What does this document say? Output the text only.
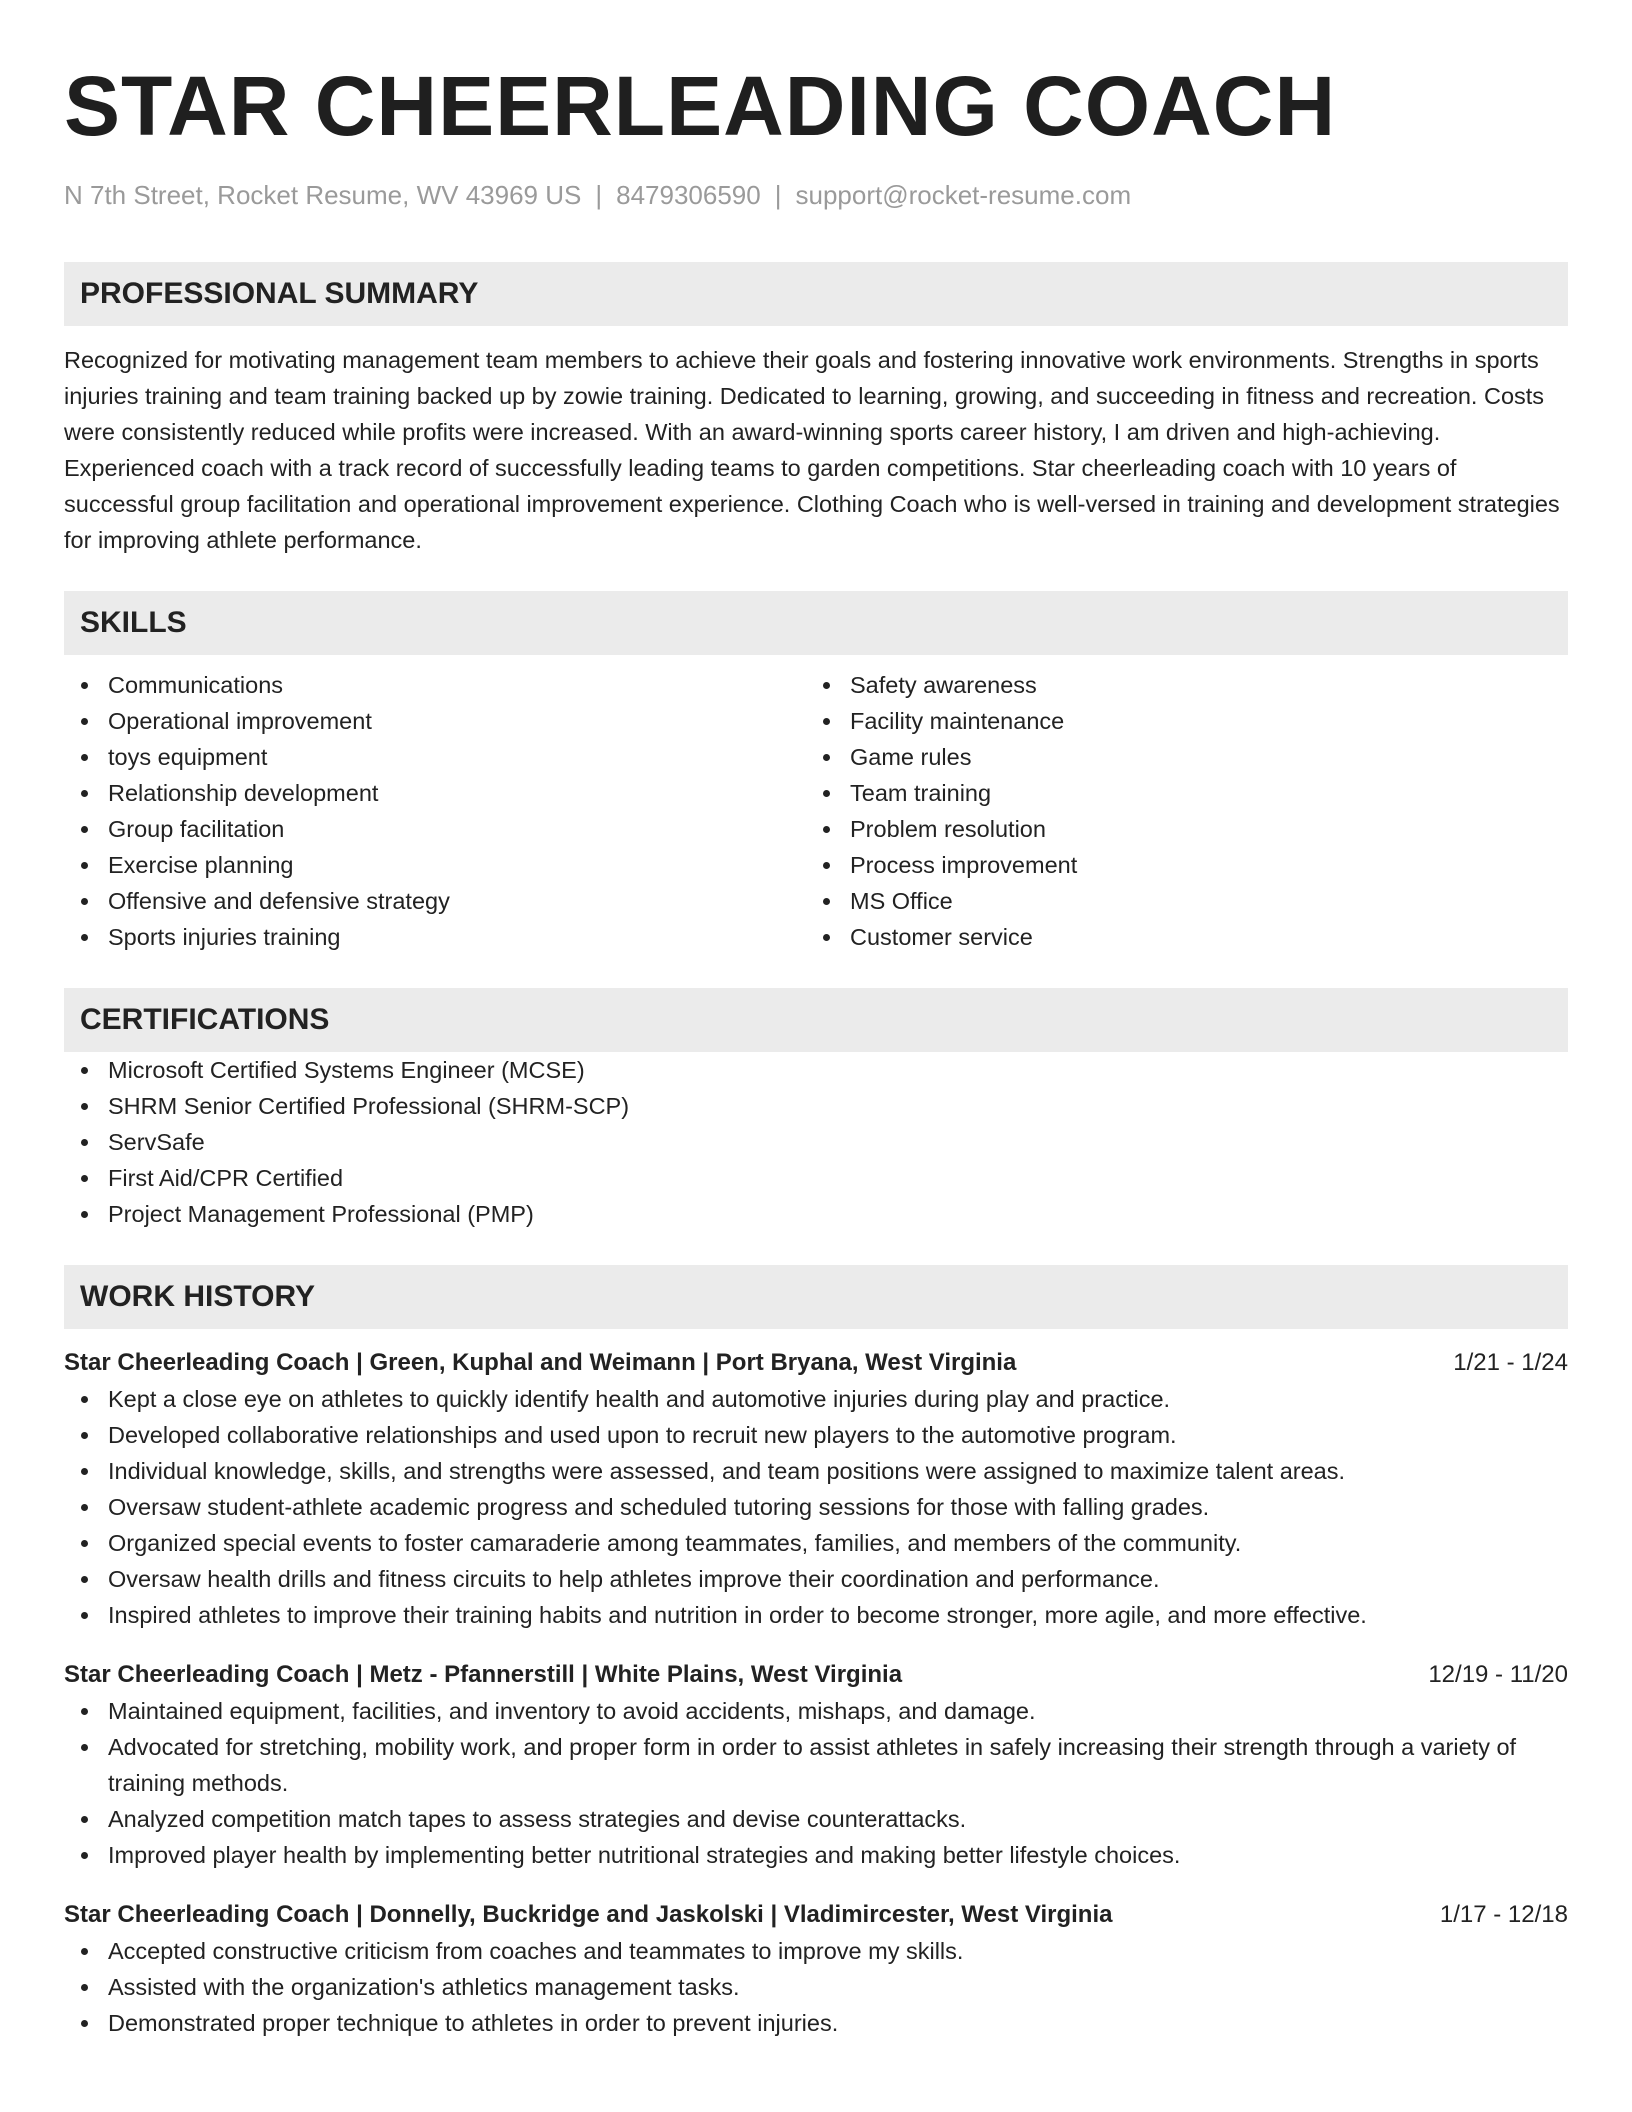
STAR CHEERLEADING COACH
N 7th Street, Rocket Resume, WV 43969 US | 8479306590 | support@rocket-resume.com
PROFESSIONAL SUMMARY

Recognized for motivating management team members to achieve their goals and fostering innovative work environments. Strengths in sports injuries training and team training backed up by zowie training. Dedicated to learning, growing, and succeeding in fitness and recreation. Costs were consistently reduced while profits were increased. With an award-winning sports career history, I am driven and high-achieving. Experienced coach with a track record of successfully leading teams to garden competitions. Star cheerleading coach with 10 years of successful group facilitation and operational improvement experience. Clothing Coach who is well-versed in training and development strategies for improving athlete performance.

SKILLS
Communications
Operational improvement
toys equipment
Relationship development
Group facilitation
Exercise planning
Offensive and defensive strategy
Sports injuries training
Safety awareness
Facility maintenance
Game rules
Team training
Problem resolution
Process improvement
MS Office
Customer service
CERTIFICATIONS
Microsoft Certified Systems Engineer (MCSE)
SHRM Senior Certified Professional (SHRM-SCP)
ServSafe
First Aid/CPR Certified
Project Management Professional (PMP)
WORK HISTORY
Star Cheerleading Coach | Green, Kuphal and Weimann | Port Bryana, West Virginia	1/21 - 1/24
Kept a close eye on athletes to quickly identify health and automotive injuries during play and practice.
Developed collaborative relationships and used upon to recruit new players to the automotive program.
Individual knowledge, skills, and strengths were assessed, and team positions were assigned to maximize talent areas.
Oversaw student-athlete academic progress and scheduled tutoring sessions for those with falling grades.
Organized special events to foster camaraderie among teammates, families, and members of the community.
Oversaw health drills and fitness circuits to help athletes improve their coordination and performance.
Inspired athletes to improve their training habits and nutrition in order to become stronger, more agile, and more effective.
Star Cheerleading Coach | Metz - Pfannerstill | White Plains, West Virginia	12/19 - 11/20
Maintained equipment, facilities, and inventory to avoid accidents, mishaps, and damage.
Advocated for stretching, mobility work, and proper form in order to assist athletes in safely increasing their strength through a variety of training methods.
Analyzed competition match tapes to assess strategies and devise counterattacks.
Improved player health by implementing better nutritional strategies and making better lifestyle choices.
Star Cheerleading Coach | Donnelly, Buckridge and Jaskolski | Vladimircester, West Virginia	1/17 - 12/18
Accepted constructive criticism from coaches and teammates to improve my skills.
Assisted with the organization's athletics management tasks.
Demonstrated proper technique to athletes in order to prevent injuries.
